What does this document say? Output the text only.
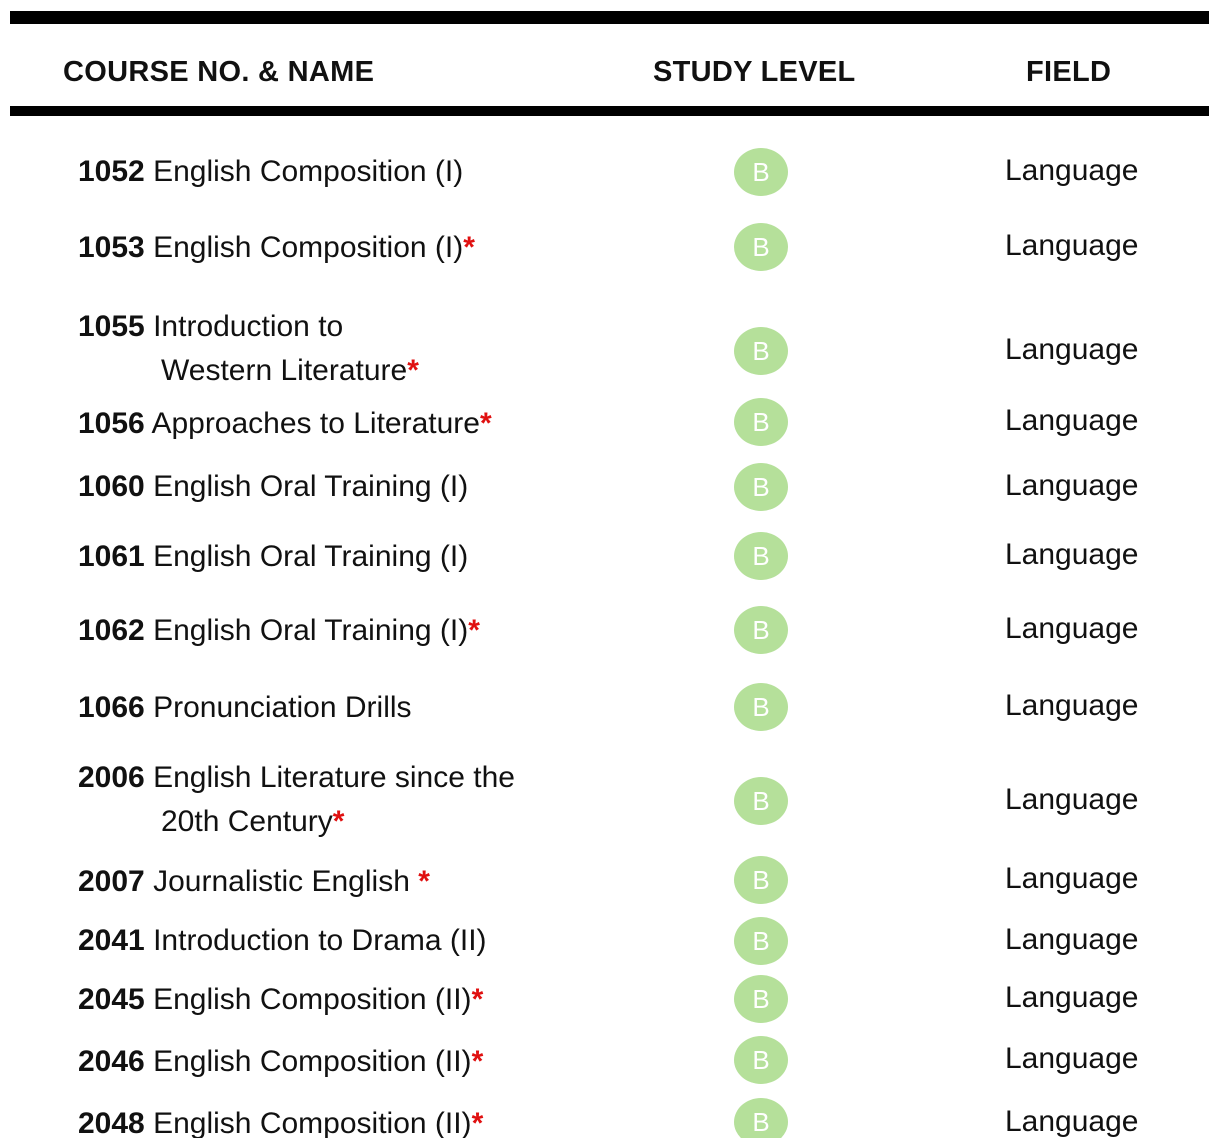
COURSE NO. & NAME	STUDY LEVEL	FIELD
1052 English Composition (I)	B	Language
1053 English Composition (I)*	B	Language
1055 Introduction to
Western Literature*
B	Language
1056 Approaches to Literature*	B	Language
1060 English Oral Training (I)	B	Language
1061 English Oral Training (I)	B	Language
1062 English Oral Training (I)*	B	Language
1066 Pronunciation Drills	B	Language
2006 English Literature since the
20th Century*
B	Language
2007 Journalistic English *	B	Language
2041 Introduction to Drama (II)	B	Language
2045 English Composition (II)*	B	Language
2046 English Composition (II)*	B	Language
2048 English Composition (II)*	B	Language
